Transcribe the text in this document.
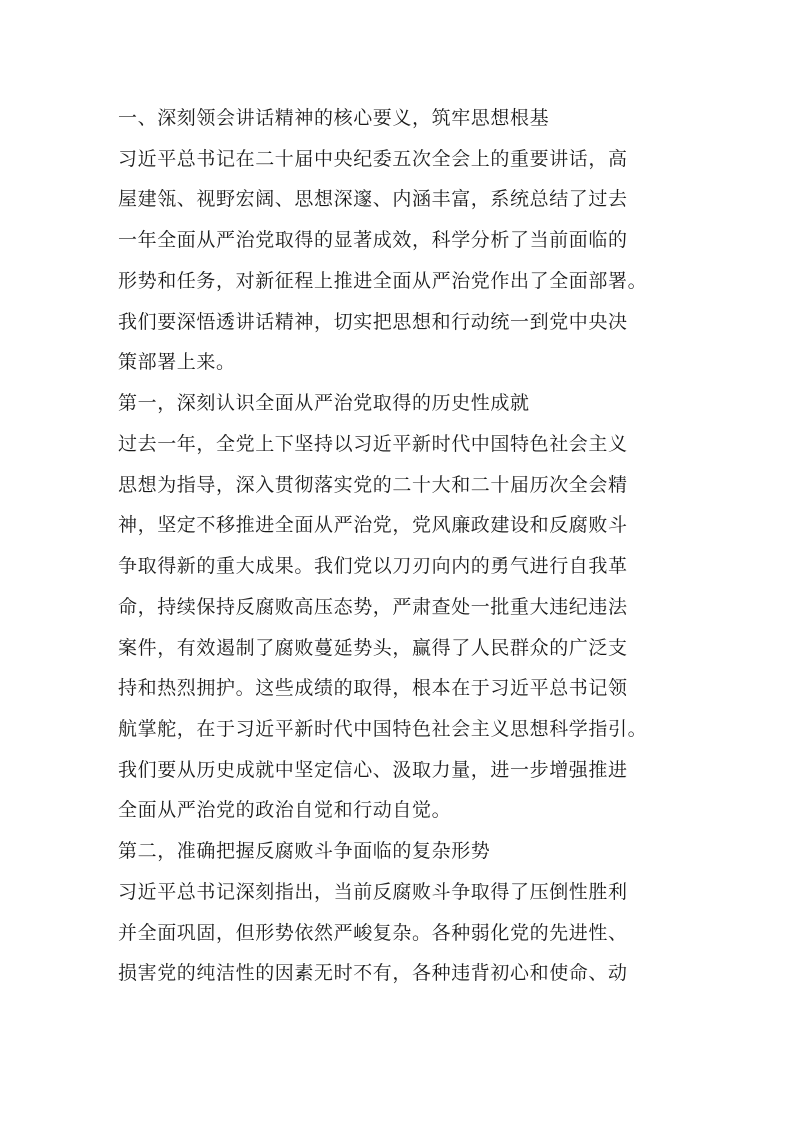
一、深刻领会讲话精神的核心要义，筑牢思想根基
习近平总书记在二十届中央纪委五次全会上的重要讲话，高
屋建瓴、视野宏阔、思想深邃、内涵丰富，系统总结了过去
一年全面从严治党取得的显著成效，科学分析了当前面临的
形势和任务，对新征程上推进全面从严治党作出了全面部署。
我们要深悟透讲话精神，切实把思想和行动统一到党中央决
策部署上来。
第一，深刻认识全面从严治党取得的历史性成就
过去一年，全党上下坚持以习近平新时代中国特色社会主义
思想为指导，深入贯彻落实党的二十大和二十届历次全会精
神，坚定不移推进全面从严治党，党风廉政建设和反腐败斗
争取得新的重大成果。我们党以刀刃向内的勇气进行自我革
命，持续保持反腐败高压态势，严肃查处一批重大违纪违法
案件，有效遏制了腐败蔓延势头，赢得了人民群众的广泛支
持和热烈拥护。这些成绩的取得，根本在于习近平总书记领
航掌舵，在于习近平新时代中国特色社会主义思想科学指引。
我们要从历史成就中坚定信心、汲取力量，进一步增强推进
全面从严治党的政治自觉和行动自觉。
第二，准确把握反腐败斗争面临的复杂形势
习近平总书记深刻指出，当前反腐败斗争取得了压倒性胜利
并全面巩固，但形势依然严峻复杂。各种弱化党的先进性、
损害党的纯洁性的因素无时不有，各种违背初心和使命、动
